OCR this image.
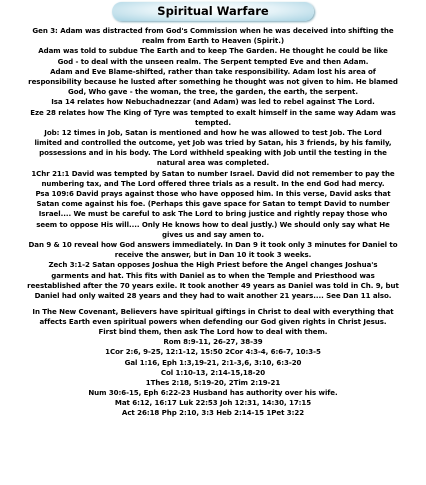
Spiritual Warfare
Gen 3: Adam was distracted from God's Commission when he was deceived into shifting the
realm from Earth to Heaven (Spirit.)
Adam was told to subdue The Earth and to keep The Garden. He thought he could be like
God - to deal with the unseen realm. The Serpent tempted Eve and then Adam.
Adam and Eve Blame-shifted, rather than take responsibility. Adam lost his area of
responsibility because he lusted after something he thought was not given to him. He blamed
God, Who gave - the woman, the tree, the garden, the earth, the serpent.
Isa 14 relates how Nebuchadnezzar (and Adam) was led to rebel against The Lord.
Eze 28 relates how The King of Tyre was tempted to exalt himself in the same way Adam was
tempted.
Job: 12 times in Job, Satan is mentioned and how he was allowed to test Job. The Lord
limited and controlled the outcome, yet Job was tried by Satan, his 3 friends, by his family,
possessions and in his body. The Lord withheld speaking with Job until the testing in the
natural area was completed.
1Chr 21:1 David was tempted by Satan to number Israel. David did not remember to pay the
numbering tax, and The Lord offered three trials as a result. In the end God had mercy.
Psa 109:6 David prays against those who have opposed him. In this verse, David asks that
Satan come against his foe. (Perhaps this gave space for Satan to tempt David to number
Israel.... We must be careful to ask The Lord to bring justice and rightly repay those who
seem to oppose His will.... Only He knows how to deal justly.) We should only say what He
gives us and say amen to.
Dan 9 & 10 reveal how God answers immediately. In Dan 9 it took only 3 minutes for Daniel to
receive the answer, but in Dan 10 it took 3 weeks.
Zech 3:1-2 Satan opposes Joshua the High Priest before the Angel changes Joshua's
garments and hat. This fits with Daniel as to when the Temple and Priesthood was
reestablished after the 70 years exile. It took another 49 years as Daniel was told in Ch. 9, but
Daniel had only waited 28 years and they had to wait another 21 years.... See Dan 11 also.
In The New Covenant, Believers have spiritual giftings in Christ to deal with everything that
affects Earth even spiritual powers when defending our God given rights in Christ Jesus.
First bind them, then ask The Lord how to deal with them.
Rom 8:9-11, 26-27, 38-39
1Cor 2:6, 9-25, 12:1-12, 15:50 2Cor 4:3-4, 6:6-7, 10:3-5
Gal 1:16, Eph 1:3,19-21, 2:1-3,6, 3:10, 6:3-20
Col 1:10-13, 2:14-15,18-20
1Thes 2:18, 5:19-20, 2Tim 2:19-21
Num 30:6-15, Eph 6:22-23 Husband has authority over his wife.
Mat 6:12, 16:17 Luk 22:53 Joh 12:31, 14:30, 17:15
Act 26:18 Php 2:10, 3:3 Heb 2:14-15 1Pet 3:22
